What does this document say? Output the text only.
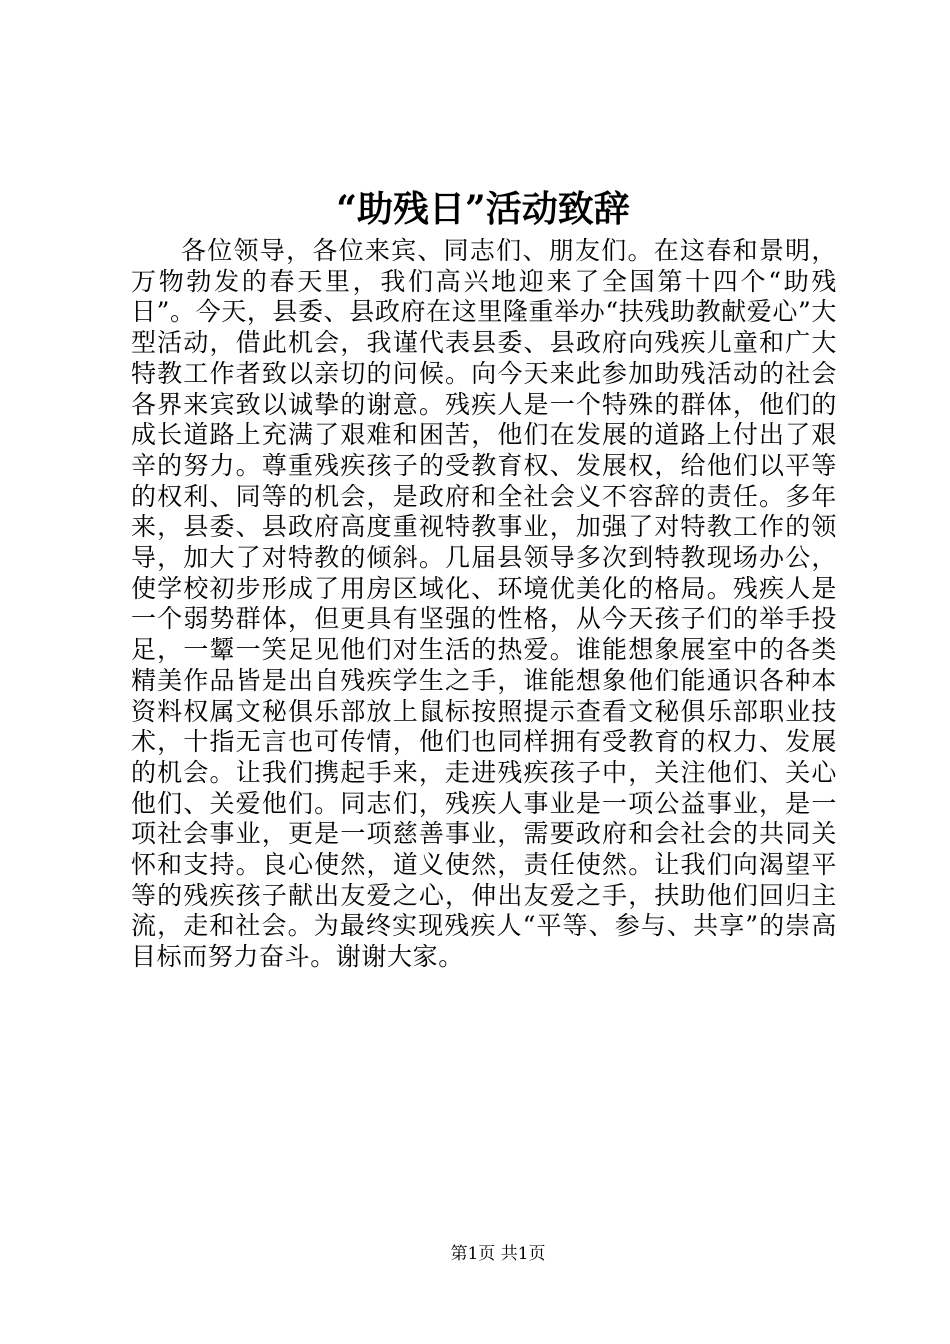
“助残日”活动致辞

各位领导，各位来宾、同志们、朋友们。在这春和景明，万物勃发的春天里，我们高兴地迎来了全国第十四个“助残日”。今天，县委、县政府在这里隆重举办“扶残助教献爱心”大型活动，借此机会，我谨代表县委、县政府向残疾儿童和广大特教工作者致以亲切的问候。向今天来此参加助残活动的社会各界来宾致以诚挚的谢意。残疾人是一个特殊的群体，他们的成长道路上充满了艰难和困苦，他们在发展的道路上付出了艰辛的努力。尊重残疾孩子的受教育权、发展权，给他们以平等的权利、同等的机会，是政府和全社会义不容辞的责任。多年来，县委、县政府高度重视特教事业，加强了对特教工作的领导，加大了对特教的倾斜。几届县领导多次到特教现场办公，使学校初步形成了用房区域化、环境优美化的格局。残疾人是一个弱势群体，但更具有坚强的性格，从今天孩子们的举手投足，一颦一笑足见他们对生活的热爱。谁能想象展室中的各类精美作品皆是出自残疾学生之手，谁能想象他们能通识各种本资料权属文秘俱乐部放上鼠标按照提示查看文秘俱乐部职业技术，十指无言也可传情，他们也同样拥有受教育的权力、发展的机会。让我们携起手来，走进残疾孩子中，关注他们、关心他们、关爱他们。同志们，残疾人事业是一项公益事业，是一项社会事业，更是一项慈善事业，需要政府和会社会的共同关怀和支持。良心使然，道义使然，责任使然。让我们向渴望平等的残疾孩子献出友爱之心，伸出友爱之手，扶助他们回归主流，走和社会。为最终实现残疾人“平等、参与、共享”的崇高目标而努力奋斗。谢谢大家。

第1页 共1页
